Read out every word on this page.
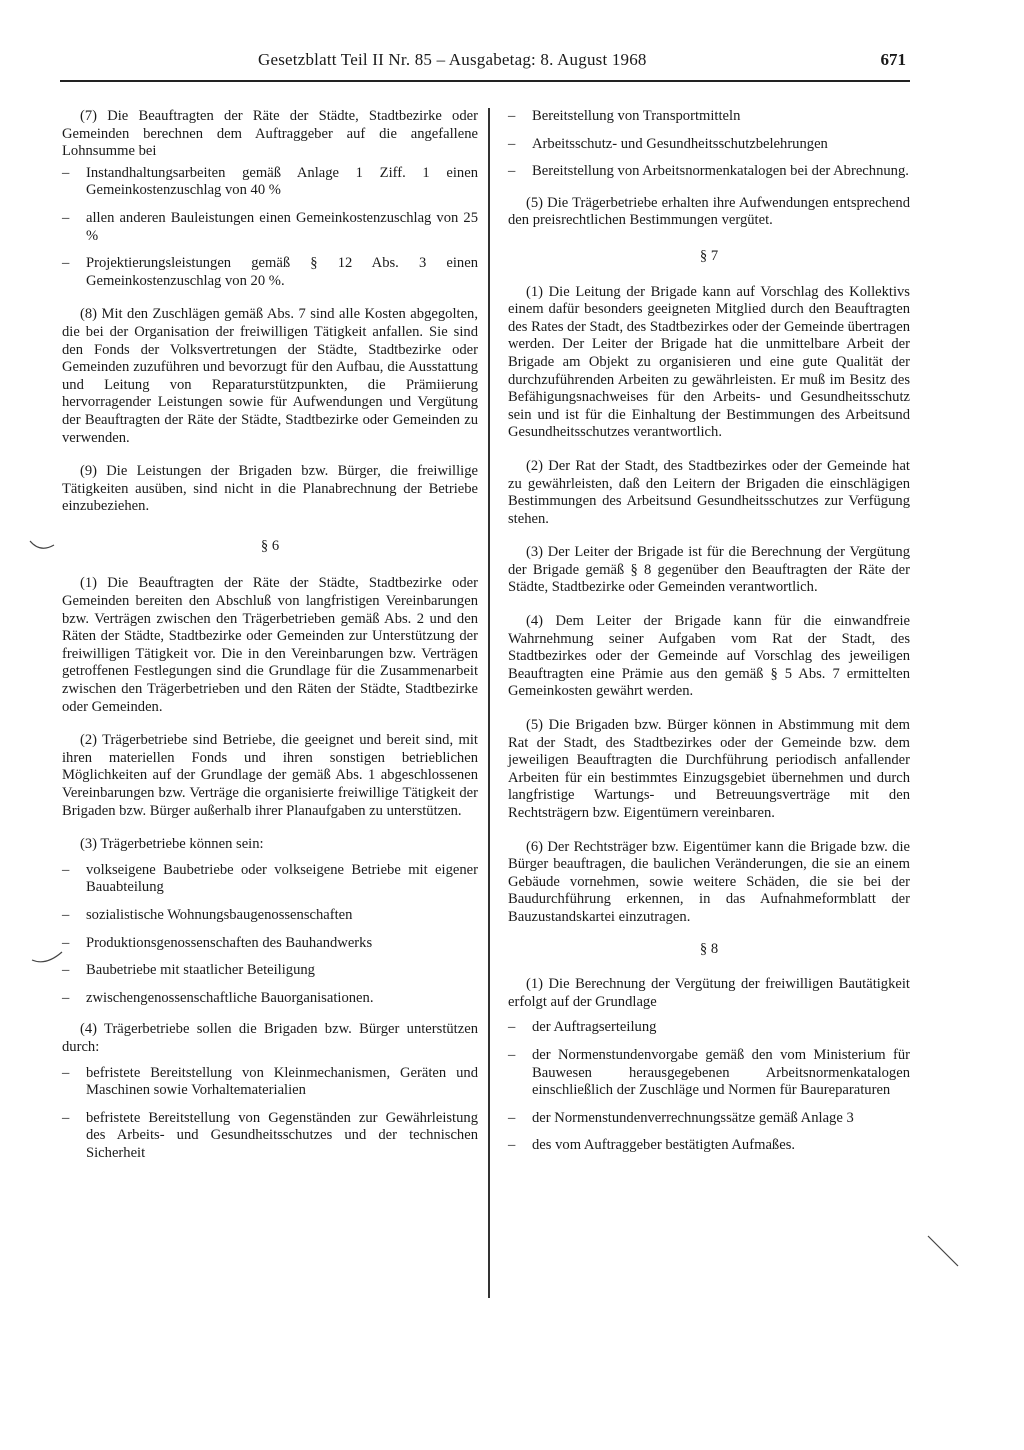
Gesetzblatt Teil II Nr. 85 – Ausgabetag: 8. August 1968	671

(7) Die Beauftragten der Räte der Städte, Stadtbezirke oder Gemeinden berechnen dem Auftraggeber auf die angefallene Lohnsumme bei

– Instandhaltungsarbeiten gemäß Anlage 1 Ziff. 1 einen Gemeinkostenzuschlag von 40 %

– allen anderen Bauleistungen einen Gemeinkostenzuschlag von 25 %

– Projektierungsleistungen gemäß § 12 Abs. 3 einen Gemeinkostenzuschlag von 20 %.

(8) Mit den Zuschlägen gemäß Abs. 7 sind alle Kosten abgegolten, die bei der Organisation der freiwilligen Tätigkeit anfallen. Sie sind den Fonds der Volksvertretungen der Städte, Stadtbezirke oder Gemeinden zuzuführen und bevorzugt für den Aufbau, die Ausstattung und Leitung von Reparaturstützpunkten, die Prämiierung hervorragender Leistungen sowie für Aufwendungen und Vergütung der Beauftragten der Räte der Städte, Stadtbezirke oder Gemeinden zu verwenden.

(9) Die Leistungen der Brigaden bzw. Bürger, die freiwillige Tätigkeiten ausüben, sind nicht in die Planabrechnung der Betriebe einzubeziehen.

§ 6

(1) Die Beauftragten der Räte der Städte, Stadtbezirke oder Gemeinden bereiten den Abschluß von langfristigen Vereinbarungen bzw. Verträgen zwischen den Trägerbetrieben gemäß Abs. 2 und den Räten der Städte, Stadtbezirke oder Gemeinden zur Unterstützung der freiwilligen Tätigkeit vor. Die in den Vereinbarungen bzw. Verträgen getroffenen Festlegungen sind die Grundlage für die Zusammenarbeit zwischen den Trägerbetrieben und den Räten der Städte, Stadtbezirke oder Gemeinden.

(2) Trägerbetriebe sind Betriebe, die geeignet und bereit sind, mit ihren materiellen Fonds und ihren sonstigen betrieblichen Möglichkeiten auf der Grundlage der gemäß Abs. 1 abgeschlossenen Vereinbarungen bzw. Verträge die organisierte freiwillige Tätigkeit der Brigaden bzw. Bürger außerhalb ihrer Planaufgaben zu unterstützen.

(3) Trägerbetriebe können sein:

– volkseigene Baubetriebe oder volkseigene Betriebe mit eigener Bauabteilung

– sozialistische Wohnungsbaugenossenschaften

– Produktionsgenossenschaften des Bauhandwerks

– Baubetriebe mit staatlicher Beteiligung

– zwischengenossenschaftliche Bauorganisationen.

(4) Trägerbetriebe sollen die Brigaden bzw. Bürger unterstützen durch:

– befristete Bereitstellung von Kleinmechanismen, Geräten und Maschinen sowie Vorhaltematerialien

– befristete Bereitstellung von Gegenständen zur Gewährleistung des Arbeits- und Gesundheitsschutzes und der technischen Sicherheit

– Bereitstellung von Transportmitteln

– Arbeitsschutz- und Gesundheitsschutzbelehrungen

– Bereitstellung von Arbeitsnormenkatalogen bei der Abrechnung.

(5) Die Trägerbetriebe erhalten ihre Aufwendungen entsprechend den preisrechtlichen Bestimmungen vergütet.

§ 7

(1) Die Leitung der Brigade kann auf Vorschlag des Kollektivs einem dafür besonders geeigneten Mitglied durch den Beauftragten des Rates der Stadt, des Stadtbezirkes oder der Gemeinde übertragen werden. Der Leiter der Brigade hat die unmittelbare Arbeit der Brigade am Objekt zu organisieren und eine gute Qualität der durchzuführenden Arbeiten zu gewährleisten. Er muß im Besitz des Befähigungsnachweises für den Arbeits- und Gesundheitsschutz sein und ist für die Einhaltung der Bestimmungen des Arbeitsund Gesundheitsschutzes verantwortlich.

(2) Der Rat der Stadt, des Stadtbezirkes oder der Gemeinde hat zu gewährleisten, daß den Leitern der Brigaden die einschlägigen Bestimmungen des Arbeitsund Gesundheitsschutzes zur Verfügung stehen.

(3) Der Leiter der Brigade ist für die Berechnung der Vergütung der Brigade gemäß § 8 gegenüber den Beauftragten der Räte der Städte, Stadtbezirke oder Gemeinden verantwortlich.

(4) Dem Leiter der Brigade kann für die einwandfreie Wahrnehmung seiner Aufgaben vom Rat der Stadt, des Stadtbezirkes oder der Gemeinde auf Vorschlag des jeweiligen Beauftragten eine Prämie aus den gemäß § 5 Abs. 7 ermittelten Gemeinkosten gewährt werden.

(5) Die Brigaden bzw. Bürger können in Abstimmung mit dem Rat der Stadt, des Stadtbezirkes oder der Gemeinde bzw. dem jeweiligen Beauftragten die Durchführung periodisch anfallender Arbeiten für ein bestimmtes Einzugsgebiet übernehmen und durch langfristige Wartungs- und Betreuungsverträge mit den Rechtsträgern bzw. Eigentümern vereinbaren.

(6) Der Rechtsträger bzw. Eigentümer kann die Brigade bzw. die Bürger beauftragen, die baulichen Veränderungen, die sie an einem Gebäude vornehmen, sowie weitere Schäden, die sie bei der Baudurchführung erkennen, in das Aufnahmeformblatt der Bauzustandskartei einzutragen.

§ 8

(1) Die Berechnung der Vergütung der freiwilligen Bautätigkeit erfolgt auf der Grundlage

– der Auftragserteilung

– der Normenstundenvorgabe gemäß den vom Ministerium für Bauwesen herausgegebenen Arbeitsnormenkatalogen einschließlich der Zuschläge und Normen für Baureparaturen

– der Normenstundenverrechnungssätze gemäß Anlage 3

– des vom Auftraggeber bestätigten Aufmaßes.
